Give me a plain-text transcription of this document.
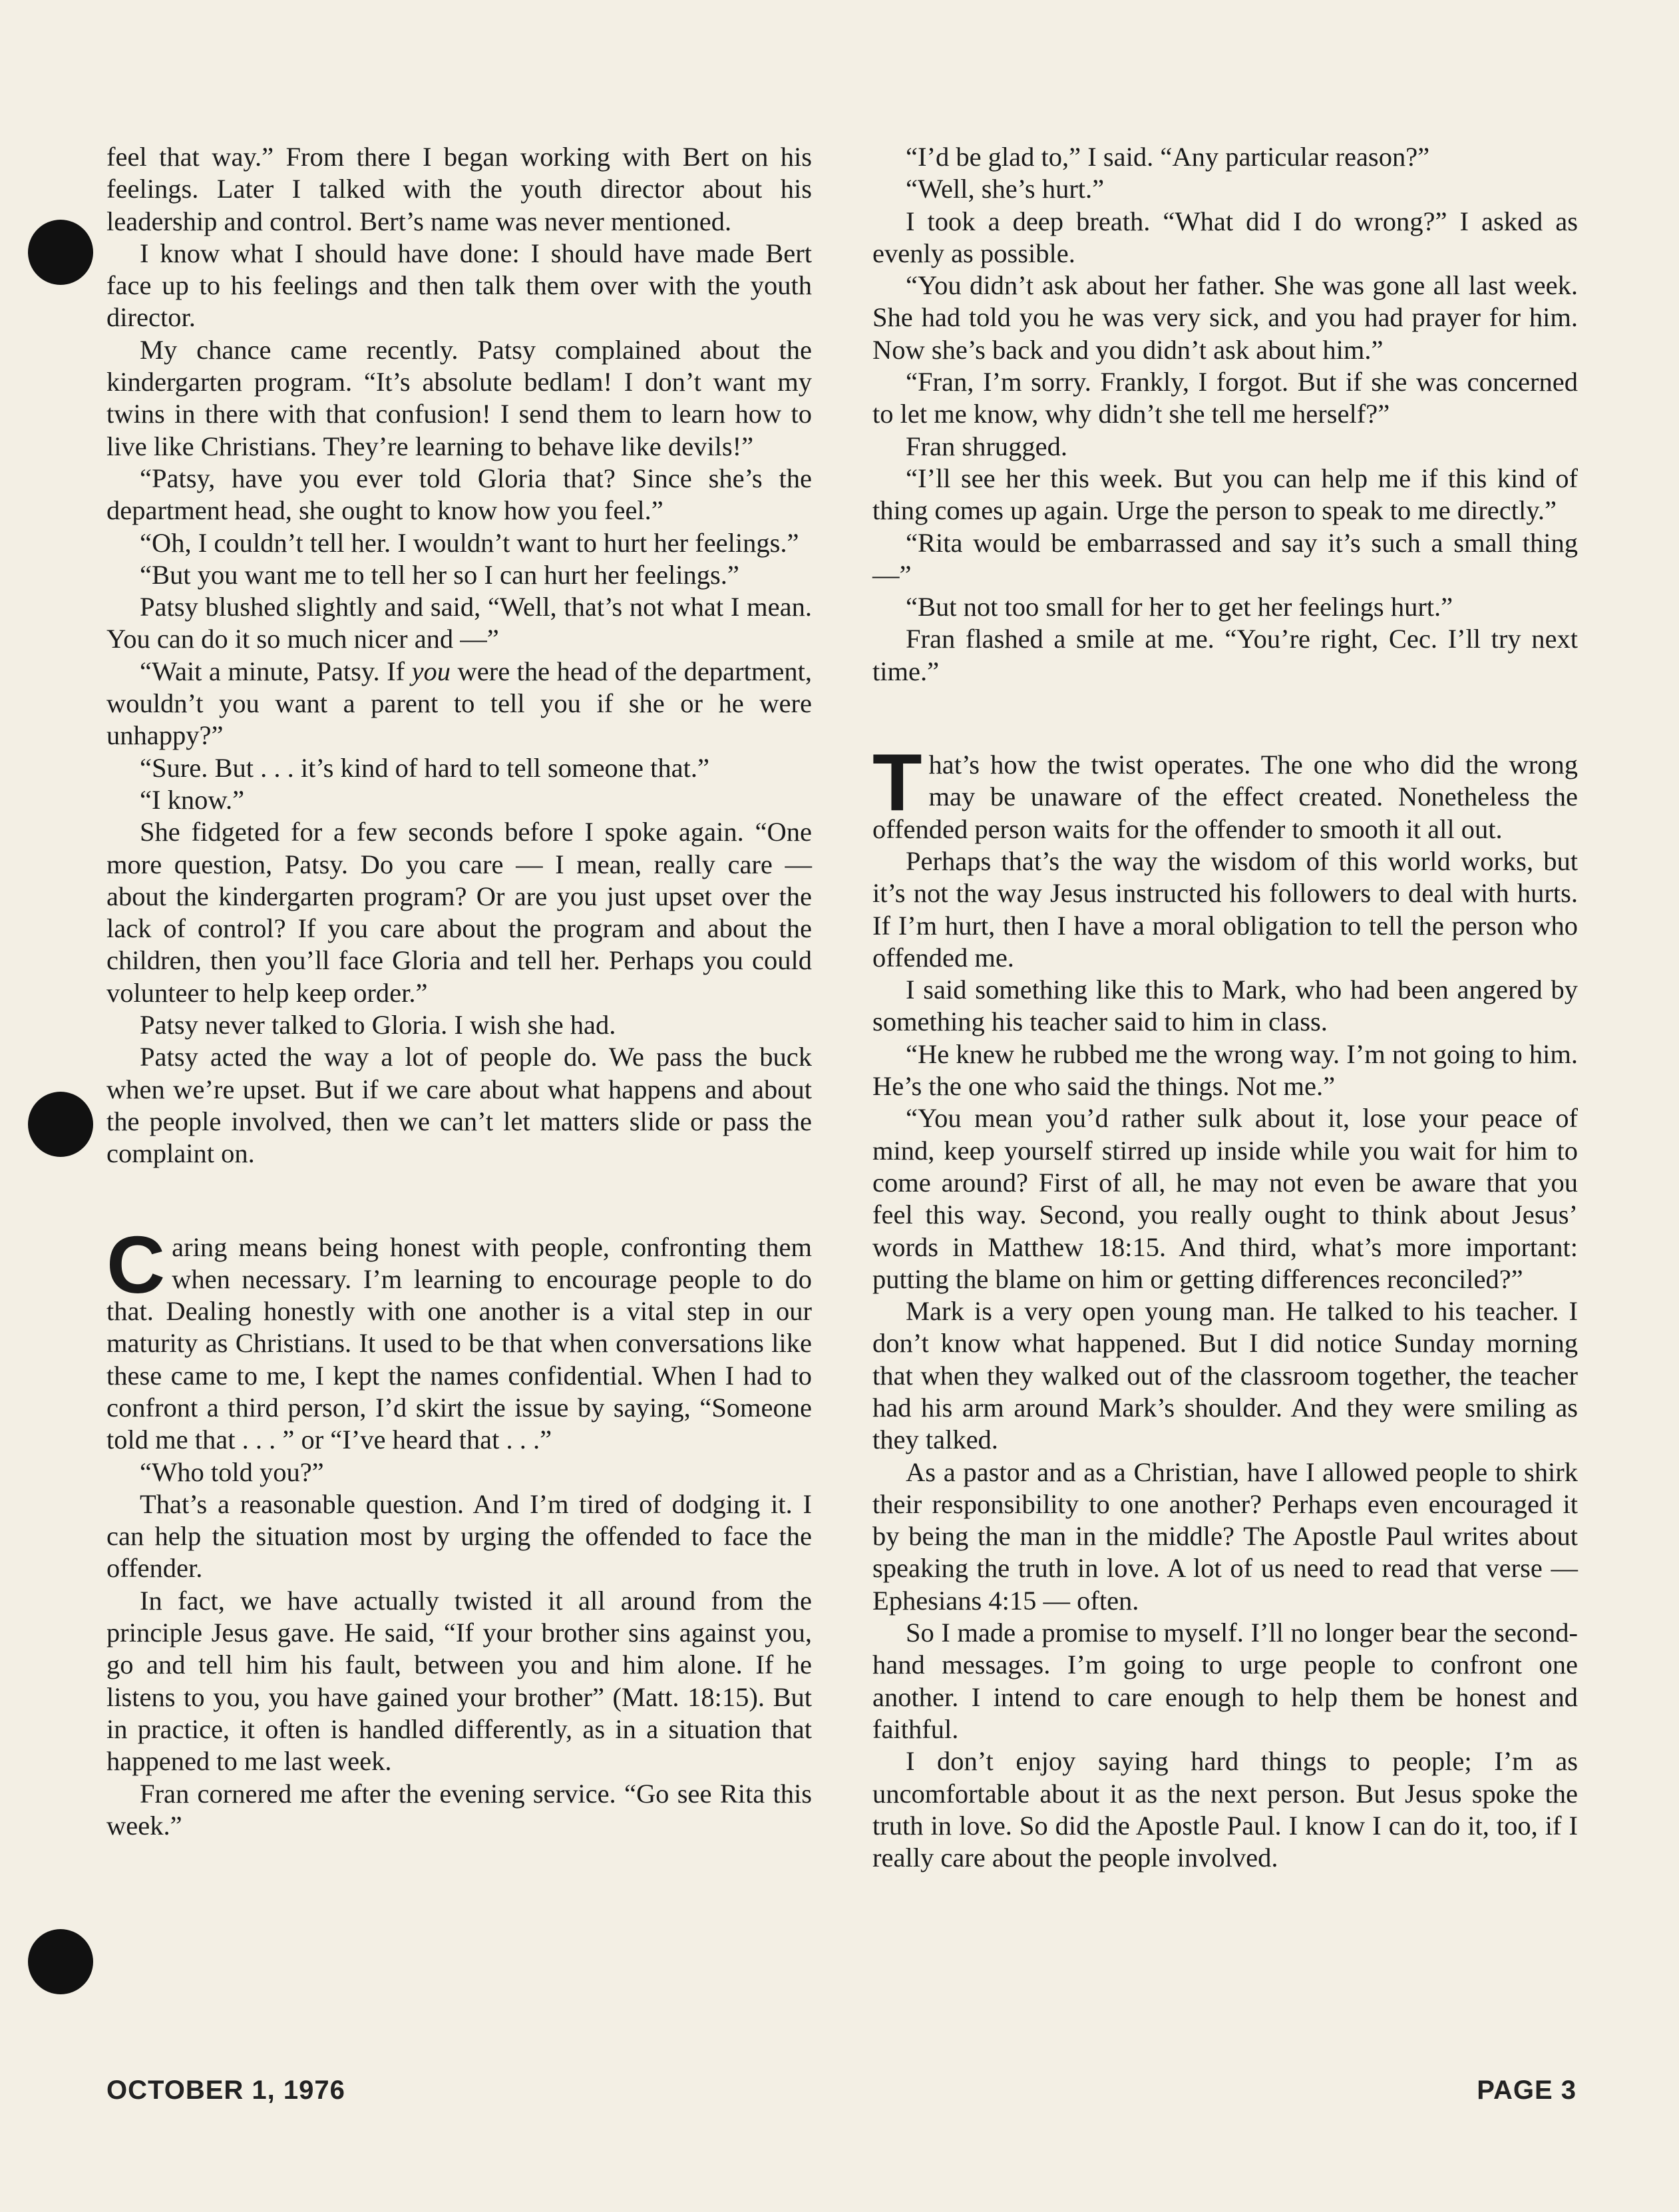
feel that way.” From there I began working with Bert on his feelings. Later I talked with the youth director about his leadership and control. Bert’s name was never mentioned.

I know what I should have done: I should have made Bert face up to his feelings and then talk them over with the youth director.

My chance came recently. Patsy complained about the kindergarten program. “It’s absolute bedlam! I don’t want my twins in there with that confusion! I send them to learn how to live like Christians. They’re learning to behave like devils!”

“Patsy, have you ever told Gloria that? Since she’s the department head, she ought to know how you feel.”

“Oh, I couldn’t tell her. I wouldn’t want to hurt her feelings.”

“But you want me to tell her so I can hurt her feelings.”

Patsy blushed slightly and said, “Well, that’s not what I mean. You can do it so much nicer and —”

“Wait a minute, Patsy. If you were the head of the department, wouldn’t you want a parent to tell you if she or he were unhappy?”

“Sure. But . . . it’s kind of hard to tell someone that.”

“I know.”

She fidgeted for a few seconds before I spoke again. “One more question, Patsy. Do you care — I mean, really care — about the kindergarten program? Or are you just upset over the lack of control? If you care about the program and about the children, then you’ll face Gloria and tell her. Perhaps you could volunteer to help keep order.”

Patsy never talked to Gloria. I wish she had.

Patsy acted the way a lot of people do. We pass the buck when we’re upset. But if we care about what happens and about the people involved, then we can’t let matters slide or pass the complaint on.

Caring means being honest with people, confronting them when necessary. I’m learning to encourage people to do that. Dealing honestly with one another is a vital step in our maturity as Christians. It used to be that when conversations like these came to me, I kept the names confidential. When I had to confront a third person, I’d skirt the issue by saying, “Someone told me that . . . ” or “I’ve heard that . . .”

“Who told you?”

That’s a reasonable question. And I’m tired of dodging it. I can help the situation most by urging the offended to face the offender.

In fact, we have actually twisted it all around from the principle Jesus gave. He said, “If your brother sins against you, go and tell him his fault, between you and him alone. If he listens to you, you have gained your brother” (Matt. 18:15). But in practice, it often is handled differently, as in a situation that happened to me last week.

Fran cornered me after the evening service. “Go see Rita this week.”

“I’d be glad to,” I said. “Any particular reason?”

“Well, she’s hurt.”

I took a deep breath. “What did I do wrong?” I asked as evenly as possible.

“You didn’t ask about her father. She was gone all last week. She had told you he was very sick, and you had prayer for him. Now she’s back and you didn’t ask about him.”

“Fran, I’m sorry. Frankly, I forgot. But if she was concerned to let me know, why didn’t she tell me herself?”

Fran shrugged.

“I’ll see her this week. But you can help me if this kind of thing comes up again. Urge the person to speak to me directly.”

“Rita would be embarrassed and say it’s such a small thing —”

“But not too small for her to get her feelings hurt.”

Fran flashed a smile at me. “You’re right, Cec. I’ll try next time.”

That’s how the twist operates. The one who did the wrong may be unaware of the effect created. Nonetheless the offended person waits for the offender to smooth it all out.

Perhaps that’s the way the wisdom of this world works, but it’s not the way Jesus instructed his followers to deal with hurts. If I’m hurt, then I have a moral obligation to tell the person who offended me.

I said something like this to Mark, who had been angered by something his teacher said to him in class.

“He knew he rubbed me the wrong way. I’m not going to him. He’s the one who said the things. Not me.”

“You mean you’d rather sulk about it, lose your peace of mind, keep yourself stirred up inside while you wait for him to come around? First of all, he may not even be aware that you feel this way. Second, you really ought to think about Jesus’ words in Matthew 18:15. And third, what’s more important: putting the blame on him or getting differences reconciled?”

Mark is a very open young man. He talked to his teacher. I don’t know what happened. But I did notice Sunday morning that when they walked out of the classroom together, the teacher had his arm around Mark’s shoulder. And they were smiling as they talked.

As a pastor and as a Christian, have I allowed people to shirk their responsibility to one another? Perhaps even encouraged it by being the man in the middle? The Apostle Paul writes about speaking the truth in love. A lot of us need to read that verse — Ephesians 4:15 — often.

So I made a promise to myself. I’ll no longer bear the second-hand messages. I’m going to urge people to confront one another. I intend to care enough to help them be honest and faithful.

I don’t enjoy saying hard things to people; I’m as uncomfortable about it as the next person. But Jesus spoke the truth in love. So did the Apostle Paul. I know I can do it, too, if I really care about the people involved.

OCTOBER 1, 1976	PAGE 3
